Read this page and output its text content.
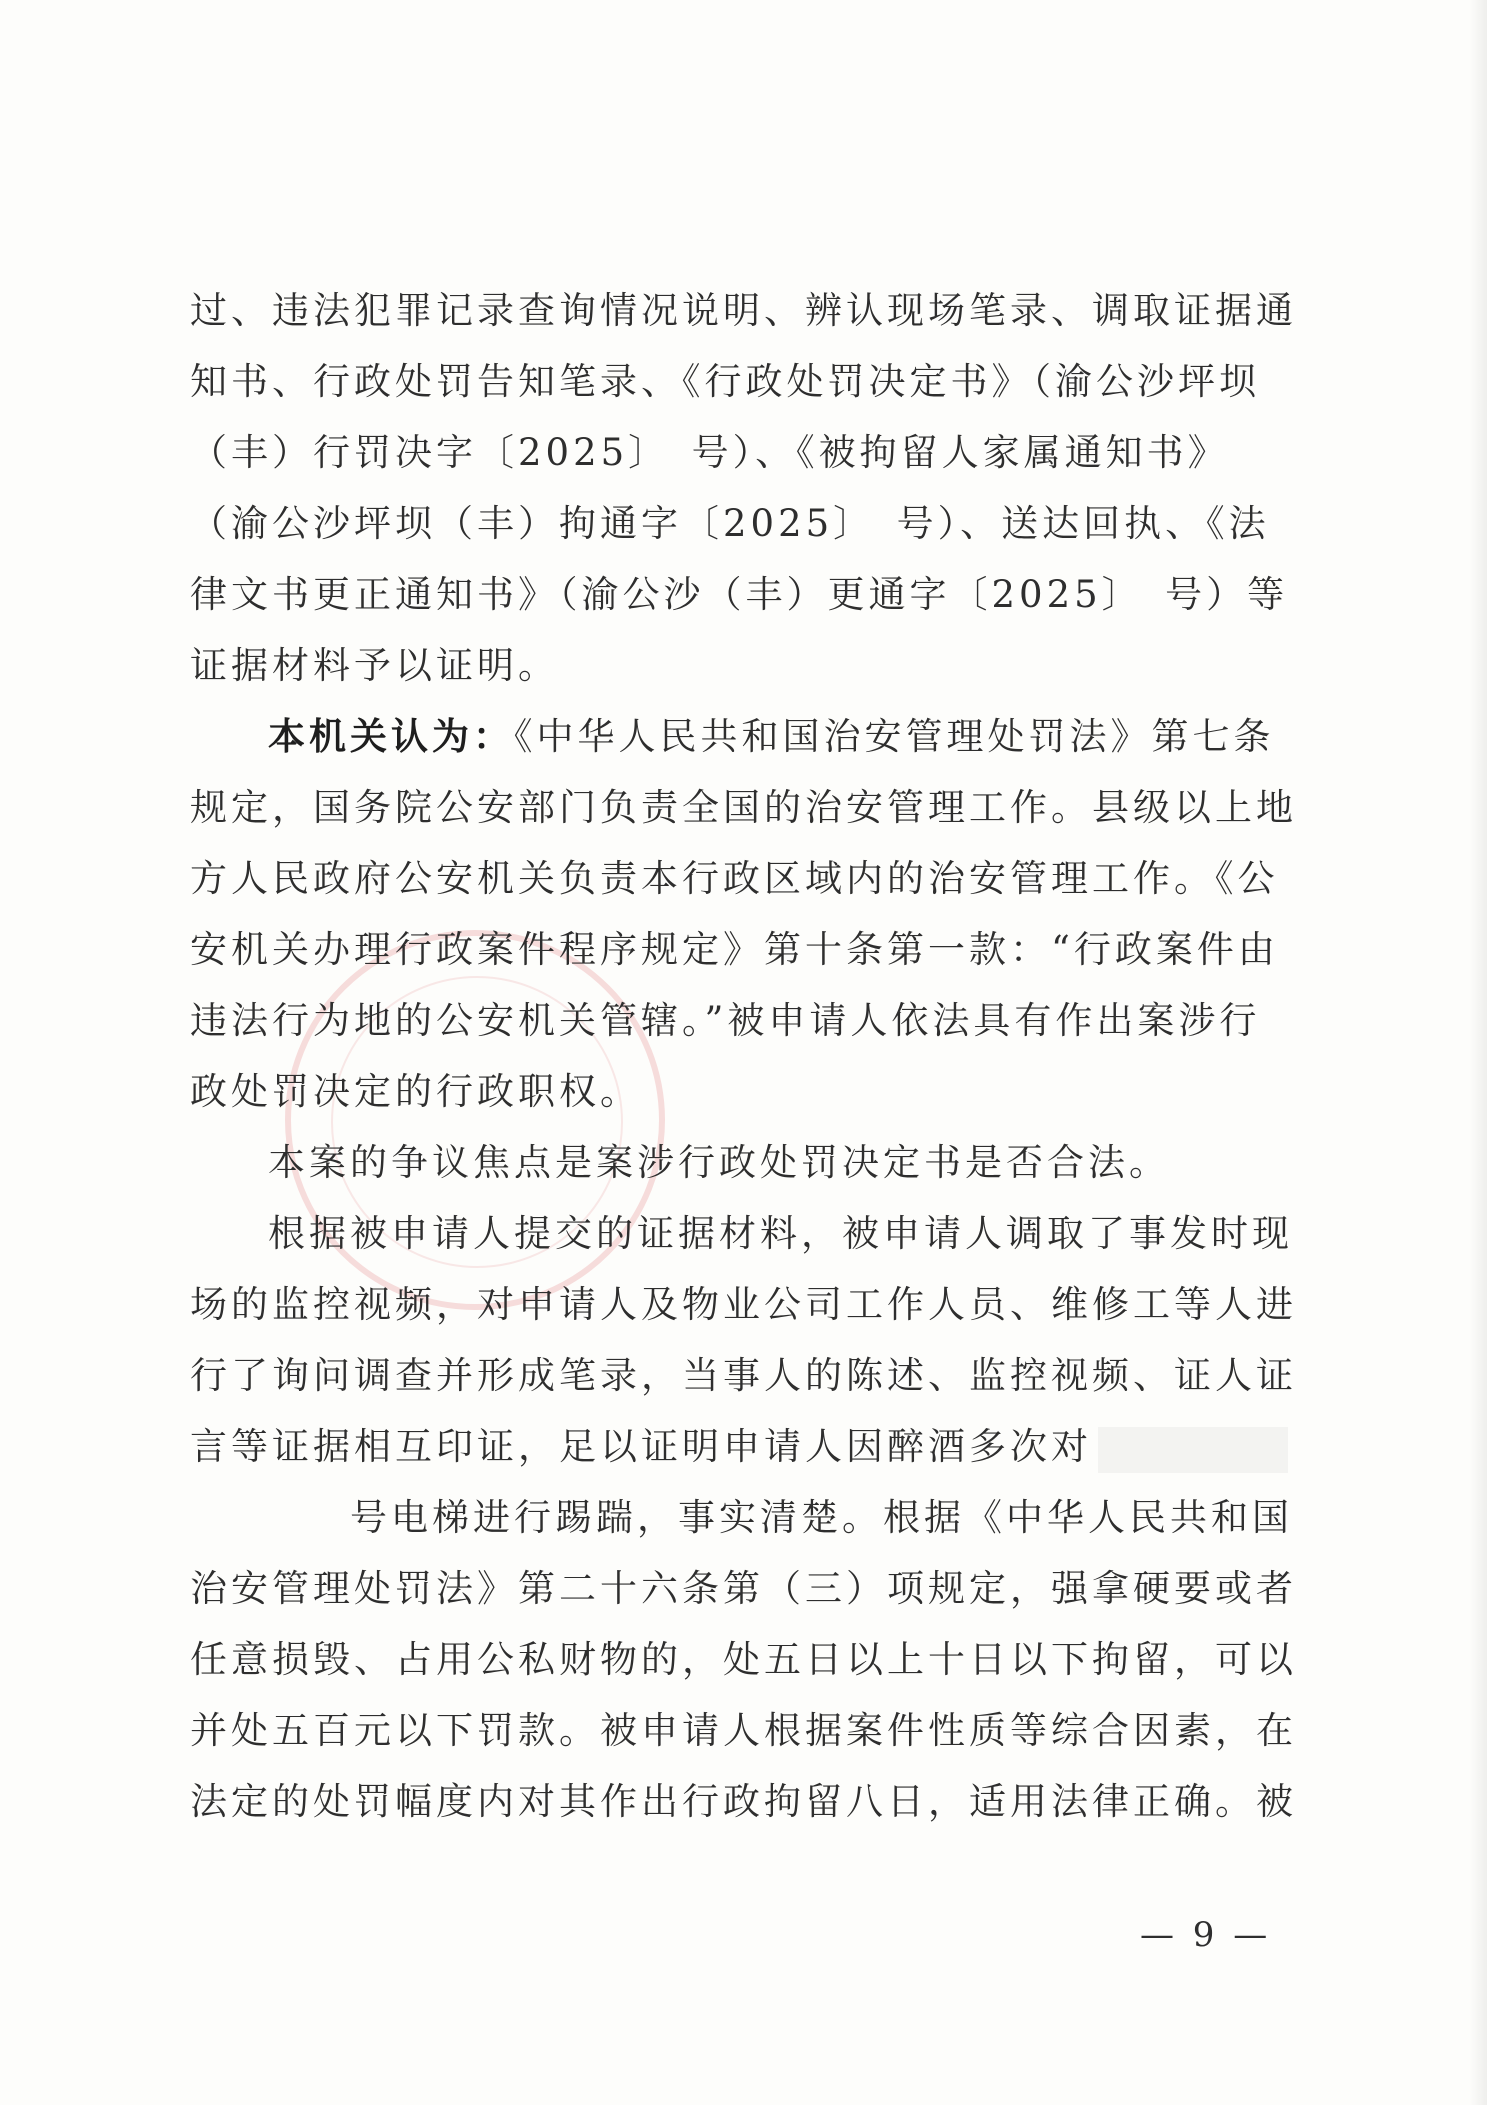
过、违法犯罪记录查询情况说明、辨认现场笔录、调取证据通
知书、行政处罚告知笔录、《行政处罚决定书》（渝公沙坪坝
（丰）行罚决字〔2025〕　号）、《被拘留人家属通知书》
（渝公沙坪坝（丰）拘通字〔2025〕　号）、送达回执、《法
律文书更正通知书》（渝公沙（丰）更通字〔2025〕　号）等
证据材料予以证明。
本机关认为：《中华人民共和国治安管理处罚法》第七条
规定，国务院公安部门负责全国的治安管理工作。县级以上地
方人民政府公安机关负责本行政区域内的治安管理工作。《公
安机关办理行政案件程序规定》第十条第一款：“行政案件由
违法行为地的公安机关管辖。”被申请人依法具有作出案涉行
政处罚决定的行政职权。
本案的争议焦点是案涉行政处罚决定书是否合法。
根据被申请人提交的证据材料，被申请人调取了事发时现
场的监控视频，对申请人及物业公司工作人员、维修工等人进
行了询问调查并形成笔录，当事人的陈述、监控视频、证人证
言等证据相互印证，足以证明申请人因醉酒多次对
号电梯进行踢踹，事实清楚。根据《中华人民共和国
治安管理处罚法》第二十六条第（三）项规定，强拿硬要或者
任意损毁、占用公私财物的，处五日以上十日以下拘留，可以
并处五百元以下罚款。被申请人根据案件性质等综合因素，在
法定的处罚幅度内对其作出行政拘留八日，适用法律正确。被
— 9 —
